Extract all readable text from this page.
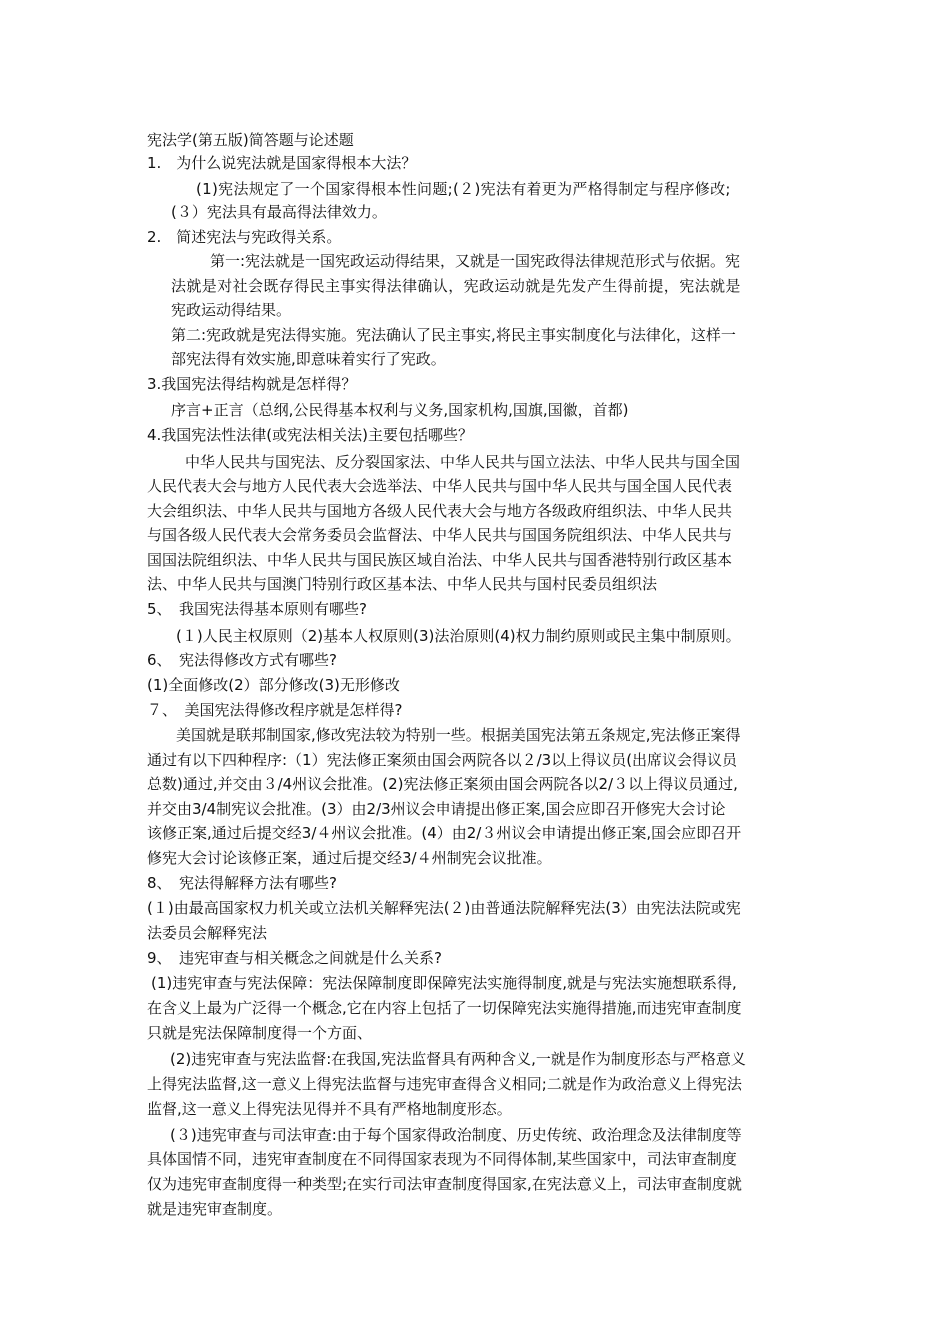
宪法学(第五版)简答题与论述题
1.　为什么说宪法就是国家得根本大法？
(1)宪法规定了一个国家得根本性问题;(２)宪法有着更为严格得制定与程序修改;
(３）宪法具有最高得法律效力。
2.　简述宪法与宪政得关系。
第一:宪法就是一国宪政运动得结果，又就是一国宪政得法律规范形式与依据。宪
法就是对社会既存得民主事实得法律确认，宪政运动就是先发产生得前提，宪法就是
宪政运动得结果。
第二:宪政就是宪法得实施。宪法确认了民主事实,将民主事实制度化与法律化，这样一
部宪法得有效实施,即意味着实行了宪政。
3.我国宪法得结构就是怎样得？
序言+正言（总纲,公民得基本权利与义务,国家机构,国旗,国徽，首都)
4.我国宪法性法律(或宪法相关法)主要包括哪些？
中华人民共与国宪法、反分裂国家法、中华人民共与国立法法、中华人民共与国全国
人民代表大会与地方人民代表大会选举法、中华人民共与国中华人民共与国全国人民代表
大会组织法、中华人民共与国地方各级人民代表大会与地方各级政府组织法、中华人民共
与国各级人民代表大会常务委员会监督法、中华人民共与国国务院组织法、中华人民共与
国国法院组织法、中华人民共与国民族区域自治法、中华人民共与国香港特别行政区基本
法、中华人民共与国澳门特别行政区基本法、中华人民共与国村民委员组织法
5、　我国宪法得基本原则有哪些?
(１)人民主权原则（2)基本人权原则(3)法治原则(4)权力制约原则或民主集中制原则。
6、　宪法得修改方式有哪些?
(1)全面修改(2）部分修改(3)无形修改
７、　美国宪法得修改程序就是怎样得?
美国就是联邦制国家,修改宪法较为特别一些。根据美国宪法第五条规定,宪法修正案得
通过有以下四种程序:（1）宪法修正案须由国会两院各以２/3以上得议员(出席议会得议员
总数)通过,并交由３/4州议会批准。(2)宪法修正案须由国会两院各以2/３以上得议员通过,
并交由3/4制宪议会批准。(3）由2/3州议会申请提出修正案,国会应即召开修宪大会讨论
该修正案,通过后提交经3/４州议会批准。(4）由2/３州议会申请提出修正案,国会应即召开
修宪大会讨论该修正案，通过后提交经3/４州制宪会议批准。
8、　宪法得解释方法有哪些?
(１)由最高国家权力机关或立法机关解释宪法(２)由普通法院解释宪法(3）由宪法法院或宪
法委员会解释宪法
9、　违宪审查与相关概念之间就是什么关系?
(1)违宪审查与宪法保障：宪法保障制度即保障宪法实施得制度,就是与宪法实施想联系得,
在含义上最为广泛得一个概念,它在内容上包括了一切保障宪法实施得措施,而违宪审查制度
只就是宪法保障制度得一个方面、
(2)违宪审查与宪法监督:在我国,宪法监督具有两种含义,一就是作为制度形态与严格意义
上得宪法监督,这一意义上得宪法监督与违宪审查得含义相同;二就是作为政治意义上得宪法
监督,这一意义上得宪法见得并不具有严格地制度形态。
(３)违宪审查与司法审查:由于每个国家得政治制度、历史传统、政治理念及法律制度等
具体国情不同，违宪审查制度在不同得国家表现为不同得体制,某些国家中，司法审查制度
仅为违宪审查制度得一种类型;在实行司法审查制度得国家,在宪法意义上，司法审查制度就
就是违宪审查制度。
